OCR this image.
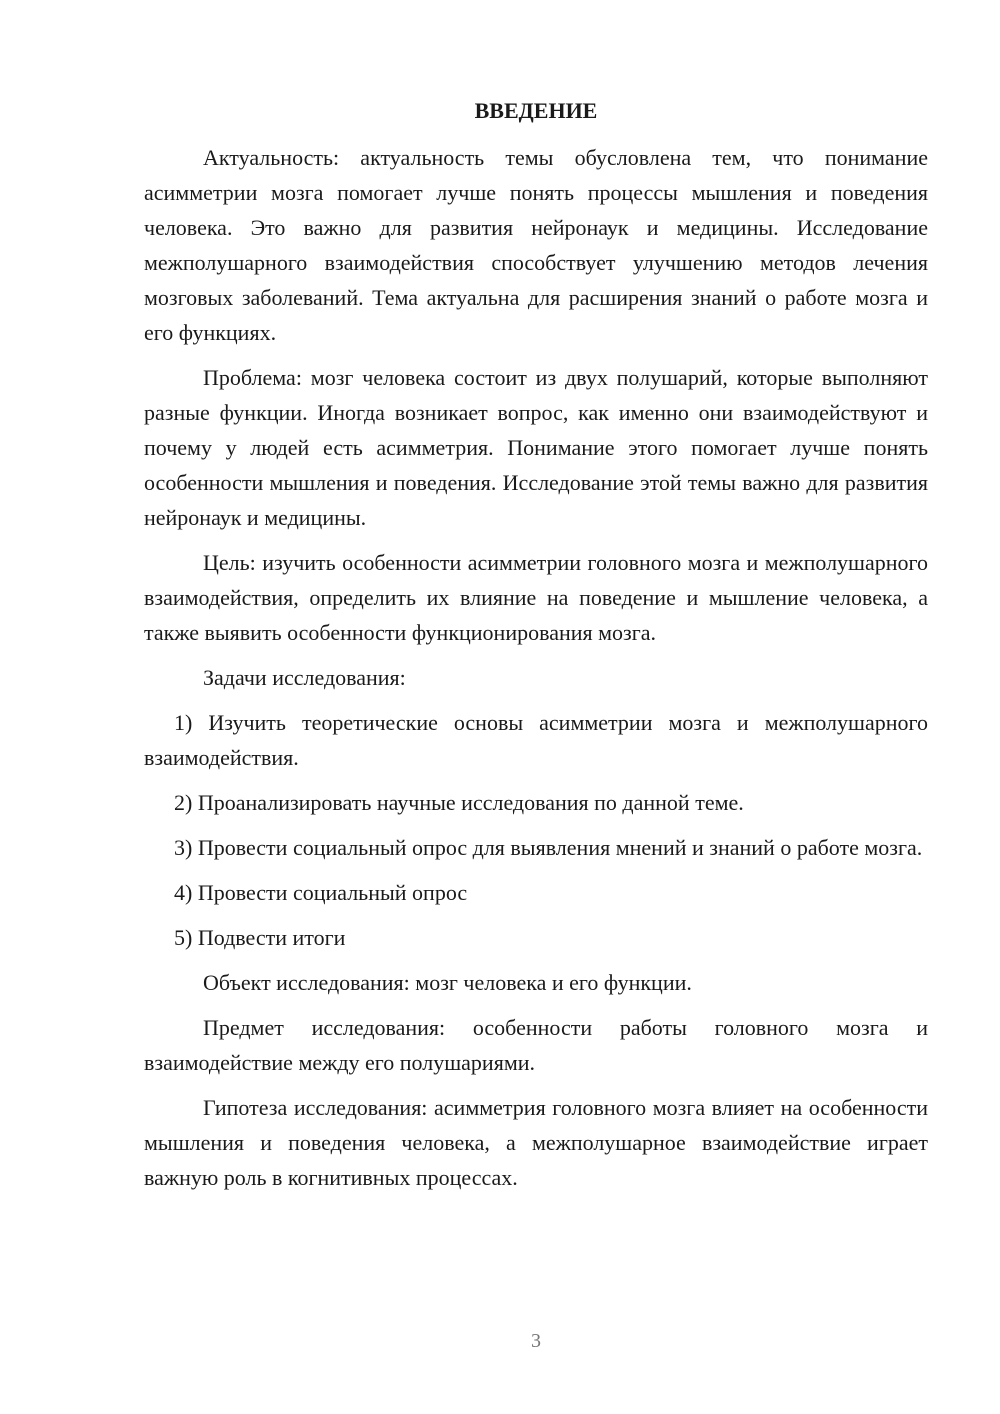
ВВЕДЕНИЕ

Актуальность: актуальность темы обусловлена тем, что понимание асимметрии мозга помогает лучше понять процессы мышления и поведения человека. Это важно для развития нейронаук и медицины. Исследование межполушарного взаимодействия способствует улучшению методов лечения мозговых заболеваний. Тема актуальна для расширения знаний о работе мозга и его функциях.

Проблема: мозг человека состоит из двух полушарий, которые выполняют разные функции. Иногда возникает вопрос, как именно они взаимодействуют и почему у людей есть асимметрия. Понимание этого помогает лучше понять особенности мышления и поведения. Исследование этой темы важно для развития нейронаук и медицины.

Цель: изучить особенности асимметрии головного мозга и межполушарного взаимодействия, определить их влияние на поведение и мышление человека, а также выявить особенности функционирования мозга.

Задачи исследования:

1) Изучить теоретические основы асимметрии мозга и межполушарного взаимодействия.

2) Проанализировать научные исследования по данной теме.

3) Провести социальный опрос для выявления мнений и знаний о работе мозга.

4) Провести социальный опрос

5) Подвести итоги

Объект исследования: мозг человека и его функции.

Предмет исследования: особенности работы головного мозга и взаимодействие между его полушариями.

Гипотеза исследования: асимметрия головного мозга влияет на особенности мышления и поведения человека, а межполушарное взаимодействие играет важную роль в когнитивных процессах.

3
